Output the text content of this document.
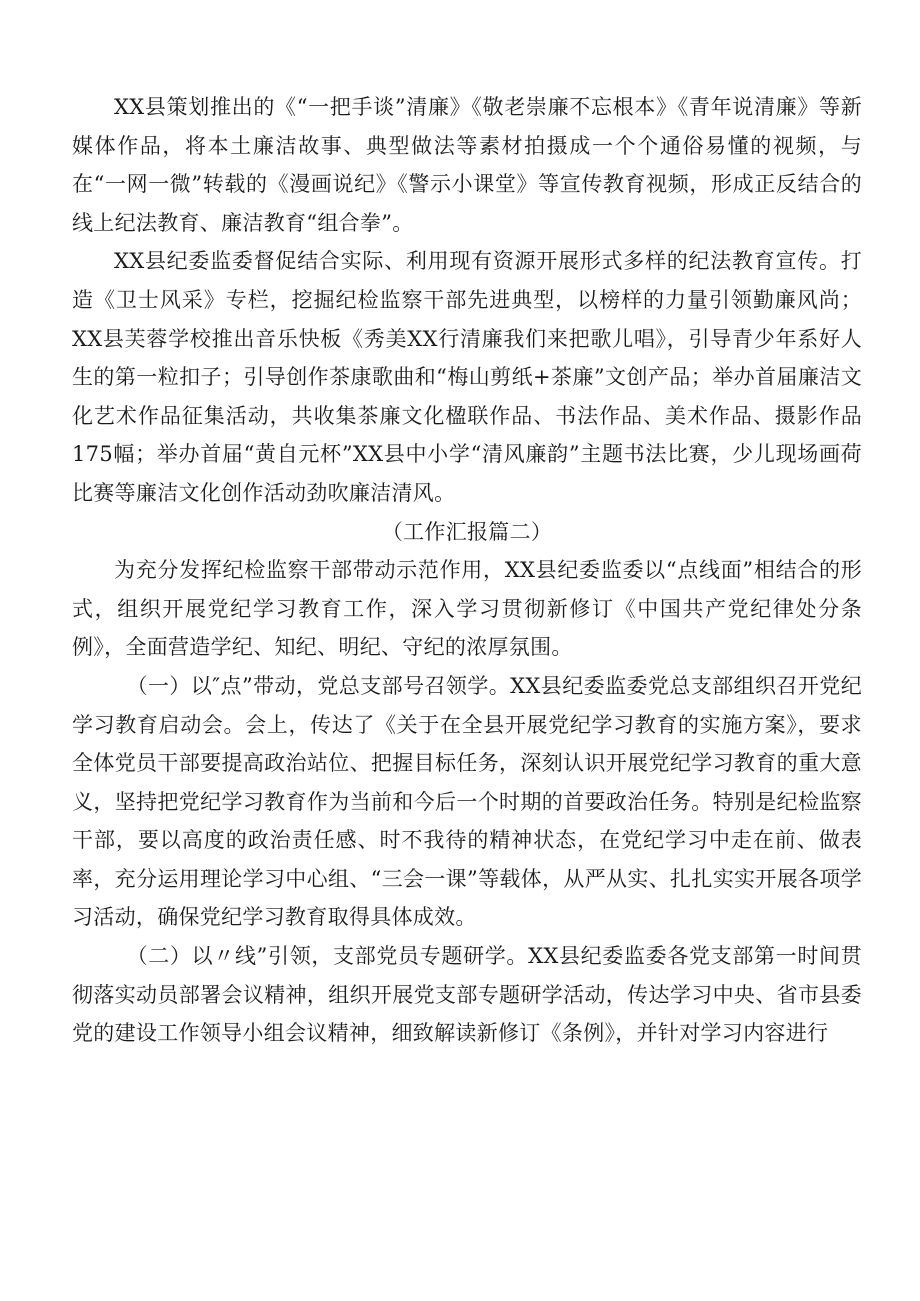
XX县策划推出的《“一把手谈”清廉》《敬老崇廉不忘根本》《青年说清廉》等新媒体作品，将本土廉洁故事、典型做法等素材拍摄成一个个通俗易懂的视频，与在“一网一微”转载的《漫画说纪》《警示小课堂》等宣传教育视频，形成正反结合的线上纪法教育、廉洁教育“组合拳”。

XX县纪委监委督促结合实际、利用现有资源开展形式多样的纪法教育宣传。打造《卫士风采》专栏，挖掘纪检监察干部先进典型，以榜样的力量引领勤廉风尚；XX县芙蓉学校推出音乐快板《秀美XX行清廉我们来把歌儿唱》，引导青少年系好人生的第一粒扣子；引导创作茶康歌曲和“梅山剪纸+茶廉”文创产品；举办首届廉洁文化艺术作品征集活动，共收集茶廉文化楹联作品、书法作品、美术作品、摄影作品175幅；举办首届“黄自元杯”XX县中小学“清风廉韵”主题书法比赛，少儿现场画荷比赛等廉洁文化创作活动劲吹廉洁清风。

（工作汇报篇二）

为充分发挥纪检监察干部带动示范作用，XX县纪委监委以“点线面”相结合的形式，组织开展党纪学习教育工作，深入学习贯彻新修订《中国共产党纪律处分条例》，全面营造学纪、知纪、明纪、守纪的浓厚氛围。

（一）以″点”带动，党总支部号召领学。XX县纪委监委党总支部组织召开党纪学习教育启动会。会上，传达了《关于在全县开展党纪学习教育的实施方案》，要求全体党员干部要提高政治站位、把握目标任务，深刻认识开展党纪学习教育的重大意义，坚持把党纪学习教育作为当前和今后一个时期的首要政治任务。特别是纪检监察干部，要以高度的政治责任感、时不我待的精神状态，在党纪学习中走在前、做表率，充分运用理论学习中心组、“三会一课”等载体，从严从实、扎扎实实开展各项学习活动，确保党纪学习教育取得具体成效。

（二）以〃线”引领，支部党员专题研学。XX县纪委监委各党支部第一时间贯彻落实动员部署会议精神，组织开展党支部专题研学活动，传达学习中央、省市县委党的建设工作领导小组会议精神，细致解读新修订《条例》，并针对学习内容进行
